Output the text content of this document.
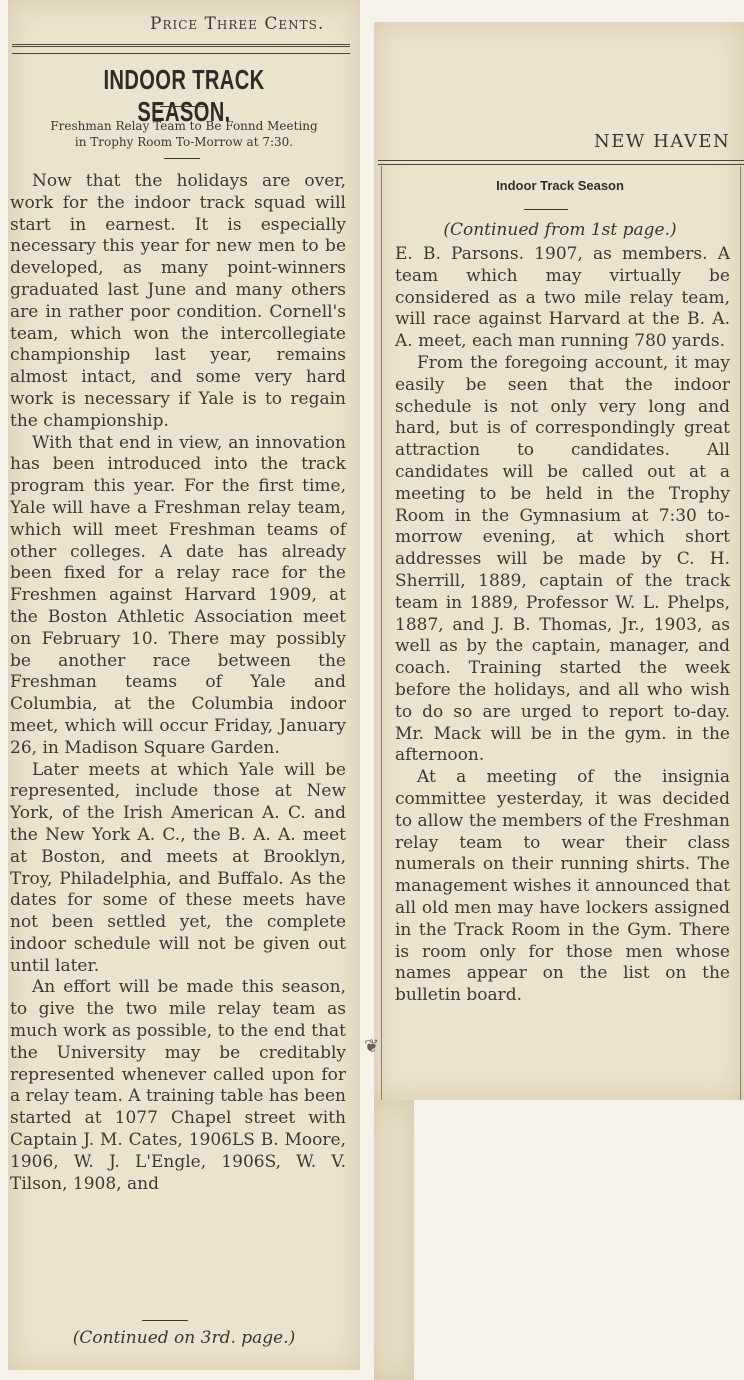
Price Three Cents.
INDOOR TRACK SEASON.
Freshman Relay Team to Be Fonnd Meeting
in Trophy Room To-Morrow at 7:30.

Now that the holidays are over, work for the indoor track squad will start in earnest. It is especially necessary this year for new men to be developed, as many point-winners graduated last June and many others are in rather poor condition. Cornell's team, which won the intercollegiate championship last year, remains almost intact, and some very hard work is necessary if Yale is to regain the championship.

With that end in view, an innovation has been introduced into the track program this year. For the first time, Yale will have a Freshman relay team, which will meet Freshman teams of other colleges. A date has already been fixed for a relay race for the Freshmen against Harvard 1909, at the Boston Athletic Association meet on February 10. There may possibly be another race between the Freshman teams of Yale and Columbia, at the Columbia indoor meet, which will occur Friday, January 26, in Madison Square Garden.

Later meets at which Yale will be represented, include those at New York, of the Irish American A. C. and the New York A. C., the B. A. A. meet at Boston, and meets at Brooklyn, Troy, Philadelphia, and Buffalo. As the dates for some of these meets have not been settled yet, the complete indoor schedule will not be given out until later.

An effort will be made this season, to give the two mile relay team as much work as possible, to the end that the University may be creditably represented whenever called upon for a relay team. A training table has been started at 1077 Chapel street with Captain J. M. Cates, 1906LS B. Moore, 1906, W. J. L'Engle, 1906S, W. V. Tilson, 1908, and

(Continued on 3rd. page.)
NEW HAVEN
Indoor Track Season
(Continued from 1st page.)

E. B. Parsons. 1907, as members. A team which may virtually be considered as a two mile relay team, will race against Harvard at the B. A. A. meet, each man running 780 yards.

From the foregoing account, it may easily be seen that the indoor schedule is not only very long and hard, but is of correspondingly great attraction to candidates. All candidates will be called out at a meeting to be held in the Trophy Room in the Gymnasium at 7:30 to-morrow evening, at which short addresses will be made by C. H. Sherrill, 1889, captain of the track team in 1889, Professor W. L. Phelps, 1887, and J. B. Thomas, Jr., 1903, as well as by the captain, manager, and coach. Training started the week before the holidays, and all who wish to do so are urged to report to-day. Mr. Mack will be in the gym. in the afternoon.

At a meeting of the insignia committee yesterday, it was decided to allow the members of the Freshman relay team to wear their class numerals on their running shirts. The management wishes it announced that all old men may have lockers assigned in the Track Room in the Gym. There is room only for those men whose names appear on the list on the bulletin board.

❦
